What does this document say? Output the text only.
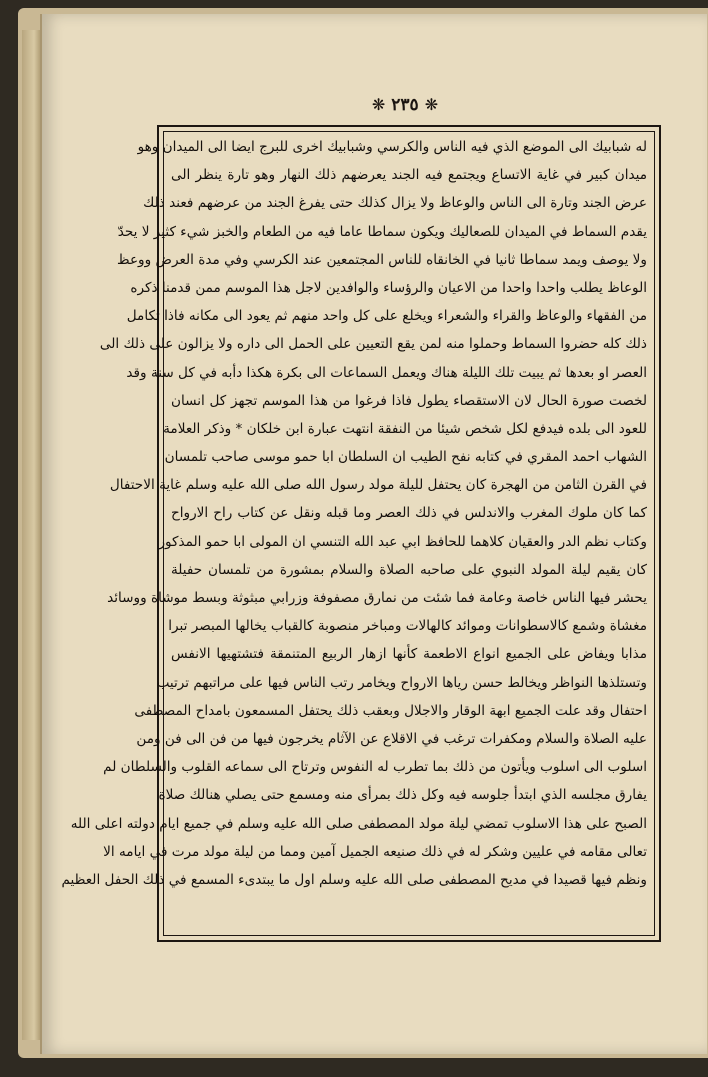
❋ ٢٣٥ ❋
له شبابيك الى الموضع الذي فيه الناس والكرسي وشبابيك اخرى للبرج ايضا الى الميدان وهو
ميدان كبير في غاية الاتساع ويجتمع فيه الجند يعرضهم ذلك النهار وهو تارة ينظر الى
عرض الجند وتارة الى الناس والوعاظ ولا يزال كذلك حتى يفرغ الجند من عرضهم فعند ذلك
يقدم السماط في الميدان للصعاليك ويكون سماطا عاما فيه من الطعام والخبز شيء كثير لا يحدّ
ولا يوصف ويمد سماطا ثانيا في الخانقاه للناس المجتمعين عند الكرسي وفي مدة العرض ووعظ
الوعاظ يطلب واحدا واحدا من الاعيان والرؤساء والوافدين لاجل هذا الموسم ممن قدمنا ذكره
من الفقهاء والوعاظ والقراء والشعراء ويخلع على كل واحد منهم ثم يعود الى مكانه فاذا تكامل
ذلك كله حضروا السماط وحملوا منه لمن يقع التعيين على الحمل الى داره ولا يزالون على ذلك الى
العصر او بعدها ثم يبيت تلك الليلة هناك ويعمل السماعات الى بكرة هكذا دأبه في كل سنة وقد
لخصت صورة الحال لان الاستقصاء يطول فاذا فرغوا من هذا الموسم تجهز كل انسان
للعود الى بلده فيدفع لكل شخص شيئا من النفقة انتهت عبارة ابن خلكان * وذكر العلامة
الشهاب احمد المقري في كتابه نفح الطيب ان السلطان ابا حمو موسى صاحب تلمسان
في القرن الثامن من الهجرة كان يحتفل لليلة مولد رسول الله صلى الله عليه وسلم غاية الاحتفال
كما كان ملوك المغرب والاندلس في ذلك العصر وما قبله ونقل عن كتاب راح الارواح
وكتاب نظم الدر والعقيان كلاهما للحافظ ابي عبد الله التنسي ان المولى ابا حمو المذكور
كان يقيم ليلة المولد النبوي على صاحبه الصلاة والسلام بمشورة من تلمسان حفيلة
يحشر فيها الناس خاصة وعامة فما شئت من نمارق مصفوفة وزرابي مبثوثة وبسط موشاة ووسائد
مغشاة وشمع كالاسطوانات وموائد كالهالات ومباخر منصوبة كالقباب يخالها المبصر تبرا
مذابا ويفاض على الجميع انواع الاطعمة كأنها ازهار الربيع المتنمقة فتشتهيها الانفس
وتستلذها النواظر ويخالط حسن رياها الارواح ويخامر رتب الناس فيها على مراتبهم ترتيب
احتفال وقد علت الجميع ابهة الوقار والاجلال وبعقب ذلك يحتفل المسمعون بامداح المصطفى
عليه الصلاة والسلام ومكفرات ترغب في الاقلاع عن الآثام يخرجون فيها من فن الى فن ومن
اسلوب الى اسلوب ويأتون من ذلك بما تطرب له النفوس وترتاح الى سماعه القلوب والسلطان لم
يفارق مجلسه الذي ابتدأ جلوسه فيه وكل ذلك بمرأى منه ومسمع حتى يصلي هنالك صلاة
الصبح على هذا الاسلوب تمضي ليلة مولد المصطفى صلى الله عليه وسلم في جميع ايام دولته اعلى الله
تعالى مقامه في عليين وشكر له في ذلك صنيعه الجميل آمين ومما من ليلة مولد مرت في ايامه الا
ونظم فيها قصيدا في مديح المصطفى صلى الله عليه وسلم اول ما يبتدىء المسمع في ذلك الحفل العظيم
